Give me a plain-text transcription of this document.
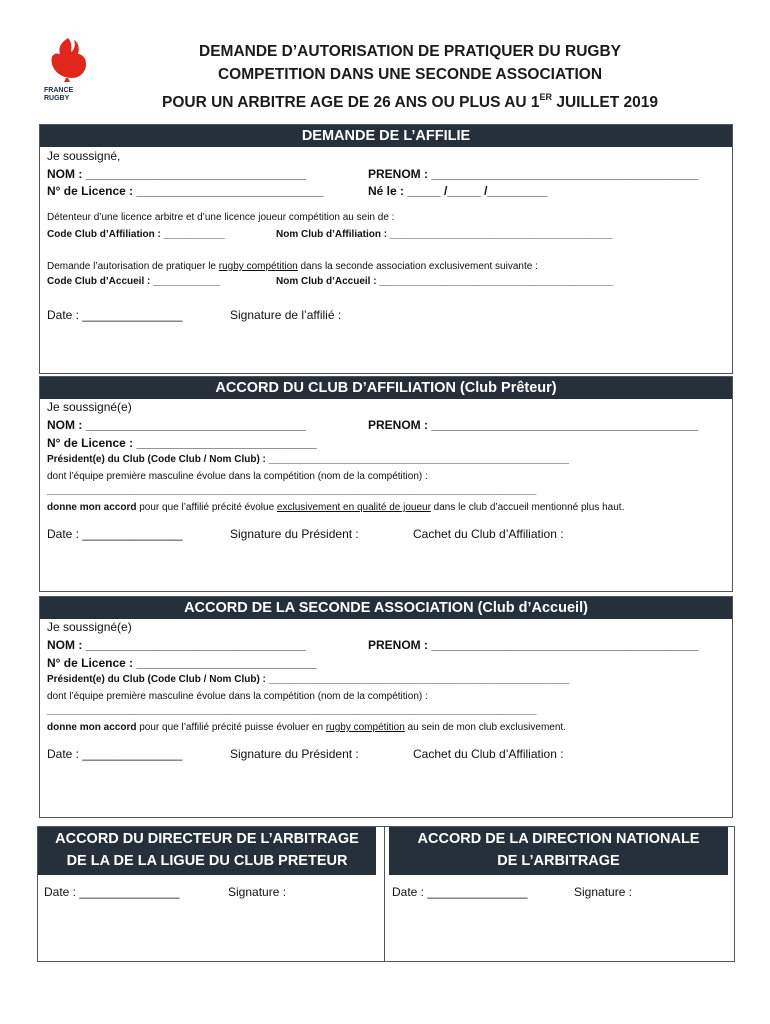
FRANCE
RUGBY
DEMANDE D’AUTORISATION DE PRATIQUER DU RUGBY
COMPETITION DANS UNE SECONDE ASSOCIATION
POUR UN ARBITRE AGE DE 26 ANS OU PLUS AU 1ER JUILLET 2019
DEMANDE DE L’AFFILIE
Je soussigné,
NOM : _________________________________	PRENOM : ________________________________________
N° de Licence : ____________________________	Né le : _____ /_____ /_________
Détenteur d’une licence arbitre et d’une licence joueur compétition au sein de :
Code Club d’Affiliation : ___________	Nom Club d’Affiliation : ________________________________________
Demande l’autorisation de pratiquer le rugby compétition dans la seconde association exclusivement suivante :
Code Club d’Accueil : ____________	Nom Club d’Accueil : __________________________________________
Date : _______________	Signature de l’affilié :
ACCORD DU CLUB D’AFFILIATION (Club Prêteur)
Je soussigné(e)
NOM : _________________________________	PRENOM : ________________________________________
N° de Licence : ___________________________
Président(e) du Club (Code Club / Nom Club) : ______________________________________________________
dont l’équipe première masculine évolue dans la compétition (nom de la compétition) :
________________________________________________________________________________________
donne mon accord pour que l’affilié précité évolue exclusivement en qualité de joueur dans le club d’accueil mentionné plus haut.
Date : _______________	Signature du Président :	Cachet du Club d’Affiliation :
ACCORD DE LA SECONDE ASSOCIATION (Club d’Accueil)
Je soussigné(e)
NOM : _________________________________	PRENOM : ________________________________________
N° de Licence : ___________________________
Président(e) du Club (Code Club / Nom Club) : ______________________________________________________
dont l’équipe première masculine évolue dans la compétition (nom de la compétition) :
________________________________________________________________________________________
donne mon accord pour que l’affilié précité puisse évoluer en rugby compétition au sein de mon club exclusivement.
Date : _______________	Signature du Président :	Cachet du Club d’Affiliation :
ACCORD DU DIRECTEUR DE L’ARBITRAGE
DE LA DE LA LIGUE DU CLUB PRETEUR
Date : _______________	Signature :
ACCORD DE LA DIRECTION NATIONALE
DE L’ARBITRAGE
Date : _______________	Signature :
